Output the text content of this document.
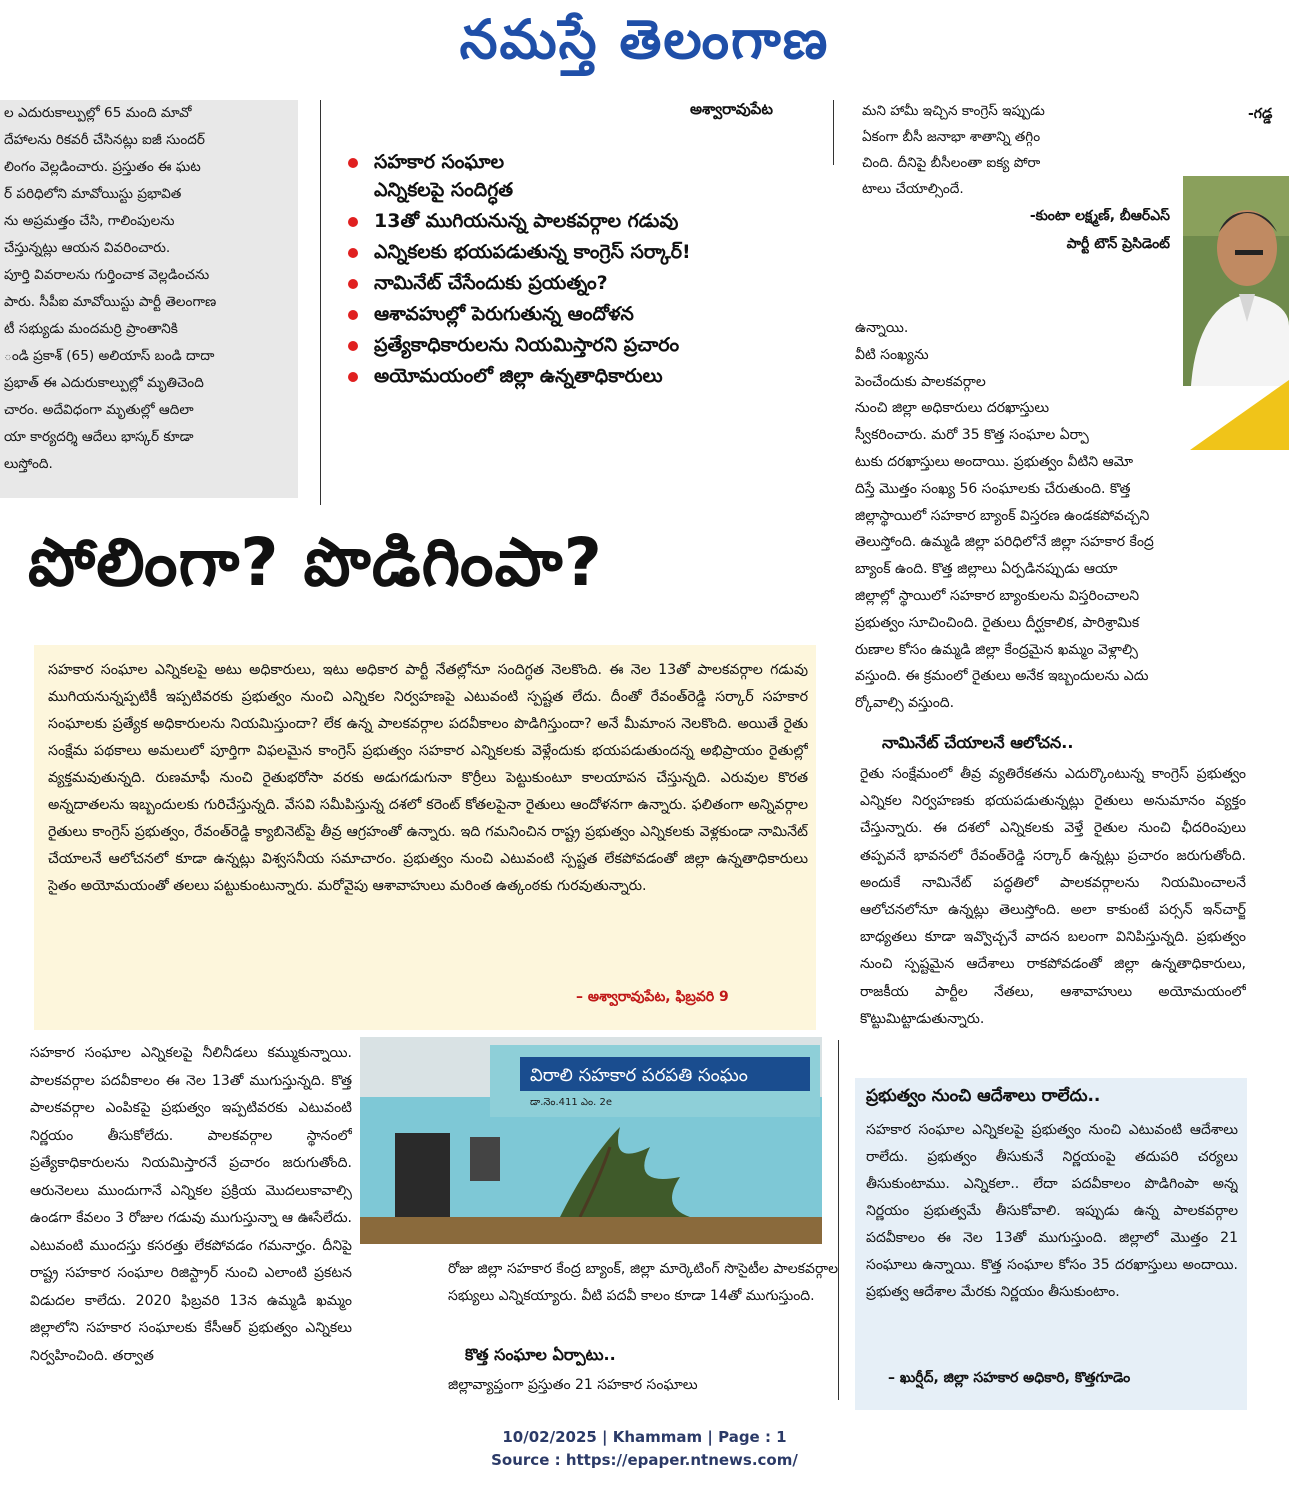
నమస్తే తెలంగాణ

ల ఎదురుకాల్పుల్లో 65 మంది మావో
దేహాలను రికవరీ చేసినట్లు ఐజీ సుందర్
లింగం వెల్లడించారు. ప్రస్తుతం ఈ ఘట
ర్ పరిధిలోని మావోయిస్టు ప్రభావిత
ను అప్రమత్తం చేసి, గాలింపులను
చేస్తున్నట్లు ఆయన వివరించారు.
పూర్తి వివరాలను గుర్తించాక వెల్లడించను
పారు. సీపీఐ మావోయిస్టు పార్టీ తెలంగాణ
టీ సభ్యుడు మందమర్రి ప్రాంతానికి
ండి ప్రకాశ్ (65) అలియాస్ బండి దాదా
ప్రభాత్ ఈ ఎదురుకాల్పుల్లో మృతిచెంది
చారం. అదేవిధంగా మృతుల్లో ఆదిలా
యా కార్యదర్శి ఆదేలు భాస్కర్ కూడా
లుస్తోంది.

అశ్వారావుపేట
సహకార సంఘాల
ఎన్నికలపై సందిగ్ధత
13తో ముగియనున్న పాలకవర్గాల గడువు
ఎన్నికలకు భయపడుతున్న కాంగ్రెస్ సర్కార్!
నామినేట్ చేసేందుకు ప్రయత్నం?
ఆశావహుల్లో పెరుగుతున్న ఆందోళన
ప్రత్యేకాధికారులను నియమిస్తారని ప్రచారం
అయోమయంలో జిల్లా ఉన్నతాధికారులు

మని హామీ ఇచ్చిన కాంగ్రెస్ ఇప్పుడు
ఏకంగా బీసీ జనాభా శాతాన్ని తగ్గిం
చింది. దీనిపై బీసీలంతా ఐక్య పోరా
టాలు చేయాల్సిందే.

-కుంటా లక్ష్మణ్, బీఆర్ఎస్
పార్టీ టౌన్ ప్రెసిడెంట్

-గడ్డ
పోలింగా? పొడిగింపా?

సహకార సంఘాల ఎన్నికలపై అటు అధికారులు, ఇటు అధికార పార్టీ నేతల్లోనూ సందిగ్ధత నెలకొంది. ఈ నెల 13తో పాలకవర్గాల గడువు ముగియనున్నప్పటికీ ఇప్పటివరకు ప్రభుత్వం నుంచి ఎన్నికల నిర్వహణపై ఎటువంటి స్పష్టత లేదు. దీంతో రేవంత్‌రెడ్డి సర్కార్ సహకార సంఘాలకు ప్రత్యేక అధికారులను నియమిస్తుందా? లేక ఉన్న పాలకవర్గాల పదవీకాలం పొడిగిస్తుందా? అనే మీమాంస నెలకొంది. అయితే రైతు సంక్షేమ పథకాలు అమలులో పూర్తిగా విఫలమైన కాంగ్రెస్ ప్రభుత్వం సహకార ఎన్నికలకు వెళ్లేందుకు భయపడుతుందన్న అభిప్రాయం రైతుల్లో వ్యక్తమవుతున్నది. రుణమాఫీ నుంచి రైతుభరోసా వరకు అడుగడుగునా కొర్రీలు పెట్టుకుంటూ కాలయాపన చేస్తున్నది. ఎరువుల కొరత అన్నదాతలను ఇబ్బందులకు గురిచేస్తున్నది. వేసవి సమీపిస్తున్న దశలో కరెంట్ కోతలపైనా రైతులు ఆందోళనగా ఉన్నారు. ఫలితంగా అన్నివర్గాల రైతులు కాంగ్రెస్ ప్రభుత్వం, రేవంత్‌రెడ్డి క్యాబినెట్‌పై తీవ్ర ఆగ్రహంతో ఉన్నారు. ఇది గమనించిన రాష్ట్ర ప్రభుత్వం ఎన్నికలకు వెళ్లకుండా నామినేట్ చేయాలనే ఆలోచనలో కూడా ఉన్నట్లు విశ్వసనీయ సమాచారం. ప్రభుత్వం నుంచి ఎటువంటి స్పష్టత లేకపోవడంతో జిల్లా ఉన్నతాధికారులు సైతం అయోమయంతో తలలు పట్టుకుంటున్నారు. మరోవైపు ఆశావాహులు మరింత ఉత్కంఠకు గురవుతున్నారు.

– అశ్వారావుపేట, ఫిబ్రవరి 9

సహకార సంఘాల ఎన్నికలపై నీలినీడలు కమ్ముకున్నాయి. పాలకవర్గాల పదవీకాలం ఈ నెల 13తో ముగుస్తున్నది. కొత్త పాలకవర్గాల ఎంపికపై ప్రభుత్వం ఇప్పటివరకు ఎటువంటి నిర్ణయం తీసుకోలేదు. పాలకవర్గాల స్థానంలో ప్రత్యేకాధికారులను నియమిస్తారనే ప్రచారం జరుగుతోంది. ఆరునెలలు ముందుగానే ఎన్నికల ప్రక్రియ మొదలుకావాల్సి ఉండగా కేవలం 3 రోజుల గడువు ముగుస్తున్నా ఆ ఊసేలేదు. ఎటువంటి ముందస్తు కసరత్తు లేకపోవడం గమనార్హం. దీనిపై రాష్ట్ర సహకార సంఘాల రిజిస్ట్రార్ నుంచి ఎలాంటి ప్రకటన విడుదల కాలేదు. 2020 ఫిబ్రవరి 13న ఉమ్మడి ఖమ్మం జిల్లాలోని సహకార సంఘాలకు కేసీఆర్ ప్రభుత్వం ఎన్నికలు నిర్వహించింది. తర్వాత

విరాలి సహకార పరపతి సంఘం
డా.నెం.411 ఎం. 2e

రోజు జిల్లా సహకార కేంద్ర బ్యాంక్, జిల్లా మార్కెటింగ్ సొసైటీల పాలకవర్గాల సభ్యులు ఎన్నికయ్యారు. వీటి పదవీ కాలం కూడా 14తో ముగుస్తుంది.

కొత్త సంఘాల ఏర్పాటు..

జిల్లావ్యాప్తంగా ప్రస్తుతం 21 సహకార సంఘాలు

ఉన్నాయి.
వీటి సంఖ్యను
పెంచేందుకు పాలకవర్గాల
నుంచి జిల్లా అధికారులు దరఖాస్తులు
స్వీకరించారు. మరో 35 కొత్త సంఘాల ఏర్పా
టుకు దరఖాస్తులు అందాయి. ప్రభుత్వం వీటిని ఆమో
దిస్తే మొత్తం సంఖ్య 56 సంఘాలకు చేరుతుంది. కొత్త
జిల్లాస్థాయిలో సహకార బ్యాంక్ విస్తరణ ఉండకపోవచ్చని
తెలుస్తోంది. ఉమ్మడి జిల్లా పరిధిలోనే జిల్లా సహకార కేంద్ర
బ్యాంక్ ఉంది. కొత్త జిల్లాలు ఏర్పడినప్పుడు ఆయా
జిల్లాల్లో స్థాయిలో సహకార బ్యాంకులను విస్తరించాలని
ప్రభుత్వం సూచించింది. రైతులు దీర్ఘకాలిక, పారిశ్రామిక
రుణాల కోసం ఉమ్మడి జిల్లా కేంద్రమైన ఖమ్మం వెళ్లాల్సి
వస్తుంది. ఈ క్రమంలో రైతులు అనేక ఇబ్బందులను ఎదు
ర్కోవాల్సి వస్తుంది.

నామినేట్ చేయాలనే ఆలోచన..

రైతు సంక్షేమంలో తీవ్ర వ్యతిరేకతను ఎదుర్కొంటున్న కాంగ్రెస్ ప్రభుత్వం ఎన్నికల నిర్వహణకు భయపడుతున్నట్లు రైతులు అనుమానం వ్యక్తం చేస్తున్నారు. ఈ దశలో ఎన్నికలకు వెళ్తే రైతుల నుంచి ఛీదరింపులు తప్పవనే భావనలో రేవంత్‌రెడ్డి సర్కార్ ఉన్నట్లు ప్రచారం జరుగుతోంది. అందుకే నామినేట్ పద్ధతిలో పాలకవర్గాలను నియమించాలనే ఆలోచనలోనూ ఉన్నట్లు తెలుస్తోంది. అలా కాకుంటే పర్సన్ ఇన్‌చార్జ్ బాధ్యతలు కూడా ఇవ్వొచ్చనే వాదన బలంగా వినిపిస్తున్నది. ప్రభుత్వం నుంచి స్పష్టమైన ఆదేశాలు రాకపోవడంతో జిల్లా ఉన్నతాధికారులు, రాజకీయ పార్టీల నేతలు, ఆశావాహులు అయోమయంలో కొట్టుమిట్టాడుతున్నారు.

ప్రభుత్వం నుంచి ఆదేశాలు రాలేదు..

సహకార సంఘాల ఎన్నికలపై ప్రభుత్వం నుంచి ఎటువంటి ఆదేశాలు రాలేదు. ప్రభుత్వం తీసుకునే నిర్ణయంపై తదుపరి చర్యలు తీసుకుంటాము. ఎన్నికలా.. లేదా పదవీకాలం పొడిగింపా అన్న నిర్ణయం ప్రభుత్వమే తీసుకోవాలి. ఇప్పుడు ఉన్న పాలకవర్గాల పదవీకాలం ఈ నెల 13తో ముగుస్తుంది. జిల్లాలో మొత్తం 21 సంఘాలు ఉన్నాయి. కొత్త సంఘాల కోసం 35 దరఖాస్తులు అందాయి. ప్రభుత్వ ఆదేశాల మేరకు నిర్ణయం తీసుకుంటాం.

– ఖుర్షీద్, జిల్లా సహకార అధికారి, కొత్తగూడెం
10/02/2025 | Khammam | Page : 1
Source : https://epaper.ntnews.com/
